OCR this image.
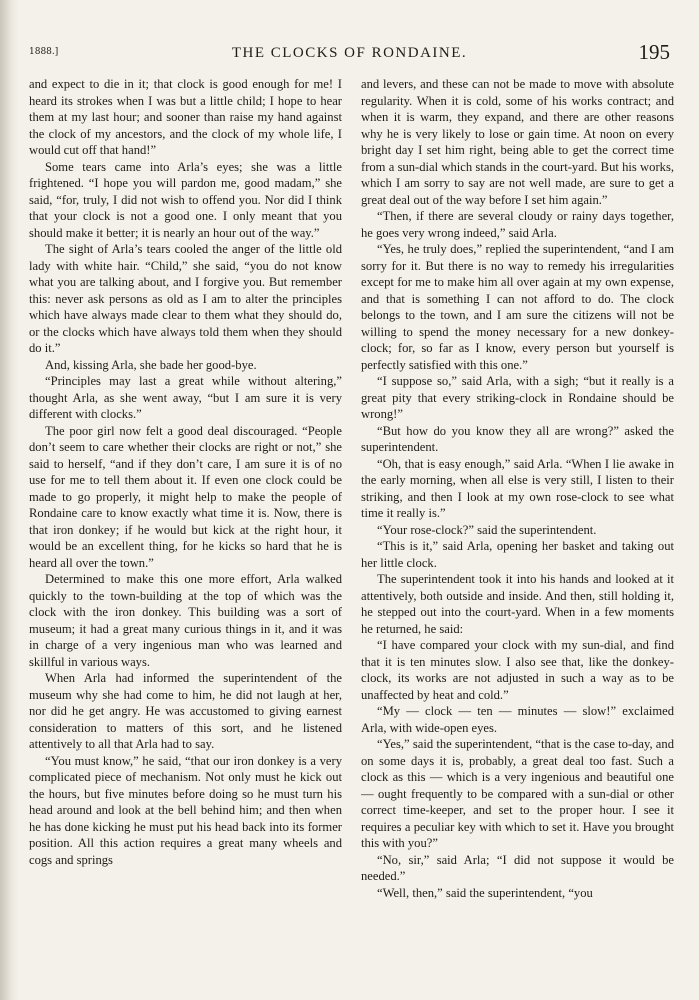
1888.]	THE CLOCKS OF RONDAINE.	195

and expect to die in it; that clock is good enough for me! I heard its strokes when I was but a little child; I hope to hear them at my last hour; and sooner than raise my hand against the clock of my ancestors, and the clock of my whole life, I would cut off that hand!”

Some tears came into Arla’s eyes; she was a little frightened. “I hope you will pardon me, good madam,” she said, “for, truly, I did not wish to offend you. Nor did I think that your clock is not a good one. I only meant that you should make it better; it is nearly an hour out of the way.”

The sight of Arla’s tears cooled the anger of the little old lady with white hair. “Child,” she said, “you do not know what you are talking about, and I forgive you. But remember this: never ask persons as old as I am to alter the principles which have always made clear to them what they should do, or the clocks which have always told them when they should do it.”

And, kissing Arla, she bade her good-bye.

“Principles may last a great while without altering,” thought Arla, as she went away, “but I am sure it is very different with clocks.”

The poor girl now felt a good deal discouraged. “People don’t seem to care whether their clocks are right or not,” she said to herself, “and if they don’t care, I am sure it is of no use for me to tell them about it. If even one clock could be made to go properly, it might help to make the people of Rondaine care to know exactly what time it is. Now, there is that iron donkey; if he would but kick at the right hour, it would be an excellent thing, for he kicks so hard that he is heard all over the town.”

Determined to make this one more effort, Arla walked quickly to the town-building at the top of which was the clock with the iron donkey. This building was a sort of museum; it had a great many curious things in it, and it was in charge of a very ingenious man who was learned and skillful in various ways.

When Arla had informed the superintendent of the museum why she had come to him, he did not laugh at her, nor did he get angry. He was accustomed to giving earnest consideration to matters of this sort, and he listened attentively to all that Arla had to say.

“You must know,” he said, “that our iron donkey is a very complicated piece of mechanism. Not only must he kick out the hours, but five minutes before doing so he must turn his head around and look at the bell behind him; and then when he has done kicking he must put his head back into its former position. All this action requires a great many wheels and cogs and springs

and levers, and these can not be made to move with absolute regularity. When it is cold, some of his works contract; and when it is warm, they expand, and there are other reasons why he is very likely to lose or gain time. At noon on every bright day I set him right, being able to get the correct time from a sun-dial which stands in the court-yard. But his works, which I am sorry to say are not well made, are sure to get a great deal out of the way before I set him again.”

“Then, if there are several cloudy or rainy days together, he goes very wrong indeed,” said Arla.

“Yes, he truly does,” replied the superintendent, “and I am sorry for it. But there is no way to remedy his irregularities except for me to make him all over again at my own expense, and that is something I can not afford to do. The clock belongs to the town, and I am sure the citizens will not be willing to spend the money necessary for a new donkey-clock; for, so far as I know, every person but yourself is perfectly satisfied with this one.”

“I suppose so,” said Arla, with a sigh; “but it really is a great pity that every striking-clock in Rondaine should be wrong!”

“But how do you know they all are wrong?” asked the superintendent.

“Oh, that is easy enough,” said Arla. “When I lie awake in the early morning, when all else is very still, I listen to their striking, and then I look at my own rose-clock to see what time it really is.”

“Your rose-clock?” said the superintendent.

“This is it,” said Arla, opening her basket and taking out her little clock.

The superintendent took it into his hands and looked at it attentively, both outside and inside. And then, still holding it, he stepped out into the court-yard. When in a few moments he returned, he said:

“I have compared your clock with my sun-dial, and find that it is ten minutes slow. I also see that, like the donkey-clock, its works are not adjusted in such a way as to be unaffected by heat and cold.”

“My — clock — ten — minutes — slow!” exclaimed Arla, with wide-open eyes.

“Yes,” said the superintendent, “that is the case to-day, and on some days it is, probably, a great deal too fast. Such a clock as this — which is a very ingenious and beautiful one — ought frequently to be compared with a sun-dial or other correct time-keeper, and set to the proper hour. I see it requires a peculiar key with which to set it. Have you brought this with you?”

“No, sir,” said Arla; “I did not suppose it would be needed.”

“Well, then,” said the superintendent, “you
